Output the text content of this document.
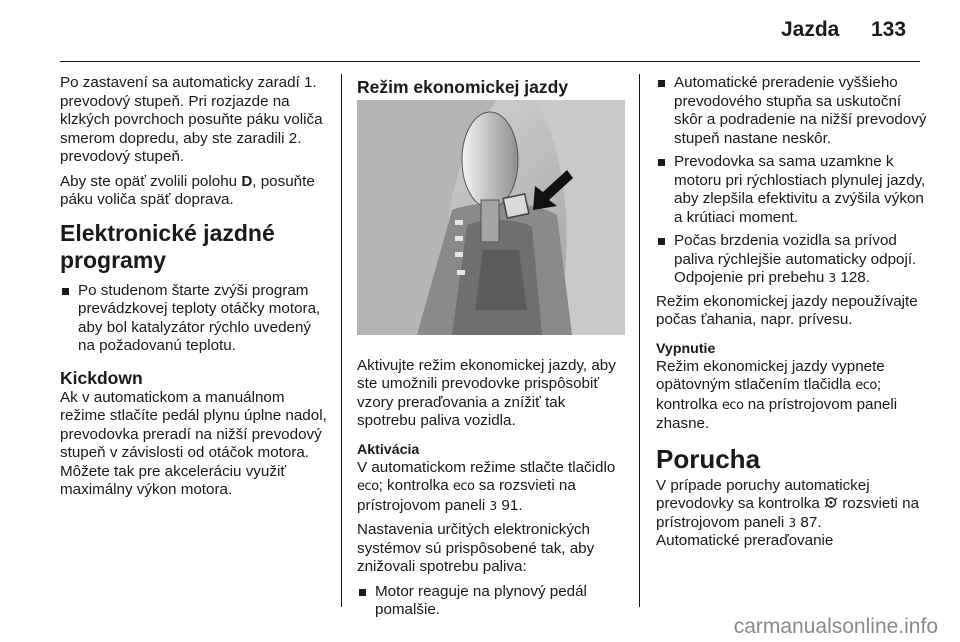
Jazda 133

Po zastavení sa automaticky zaradí 1. prevodový stupeň. Pri rozjazde na klzkých povrchoch posuňte páku voliča smerom dopredu, aby ste zaradili 2. prevodový stupeň.

Aby ste opäť zvolili polohu D, posuňte páku voliča späť doprava.

Elektronické jazdné programy
Po studenom štarte zvýši program prevádzkovej teploty otáčky motora, aby bol katalyzátor rýchlo uvedený na požadovanú teplotu.
Kickdown

Ak v automatickom a manuálnom režime stlačíte pedál plynu úplne nadol, prevodovka preradí na nižší prevodový stupeň v závislosti od otáčok motora. Môžete tak pre akceleráciu využiť maximálny výkon motora.

Režim ekonomickej jazdy

Aktivujte režim ekonomickej jazdy, aby ste umožnili prevodovke prispôsobiť vzory preraďovania a znížiť tak spotrebu paliva vozidla.

Aktivácia

V automatickom režime stlačte tlačidlo eco; kontrolka eco sa rozsvieti na prístrojovom paneli 3 91.

Nastavenia určitých elektronických systémov sú prispôsobené tak, aby znižovali spotrebu paliva:

Motor reaguje na plynový pedál pomalšie.
Automatické preradenie vyššieho prevodového stupňa sa uskutoční skôr a podradenie na nižší prevodový stupeň nastane neskôr.
Prevodovka sa sama uzamkne k motoru pri rýchlostiach plynulej jazdy, aby zlepšila efektivitu a zvýšila výkon a krútiaci moment.
Počas brzdenia vozidla sa prívod paliva rýchlejšie automaticky odpojí. Odpojenie pri prebehu 3 128.

Režim ekonomickej jazdy nepoužívajte počas ťahania, napr. prívesu.

Vypnutie

Režim ekonomickej jazdy vypnete opätovným stlačením tlačidla eco; kontrolka eco na prístrojovom paneli zhasne.

Porucha

V prípade poruchy automatickej prevodovky sa kontrolka  rozsvieti na prístrojovom paneli 3 87.

Automatické preraďovanie

carmanualsonline.info
